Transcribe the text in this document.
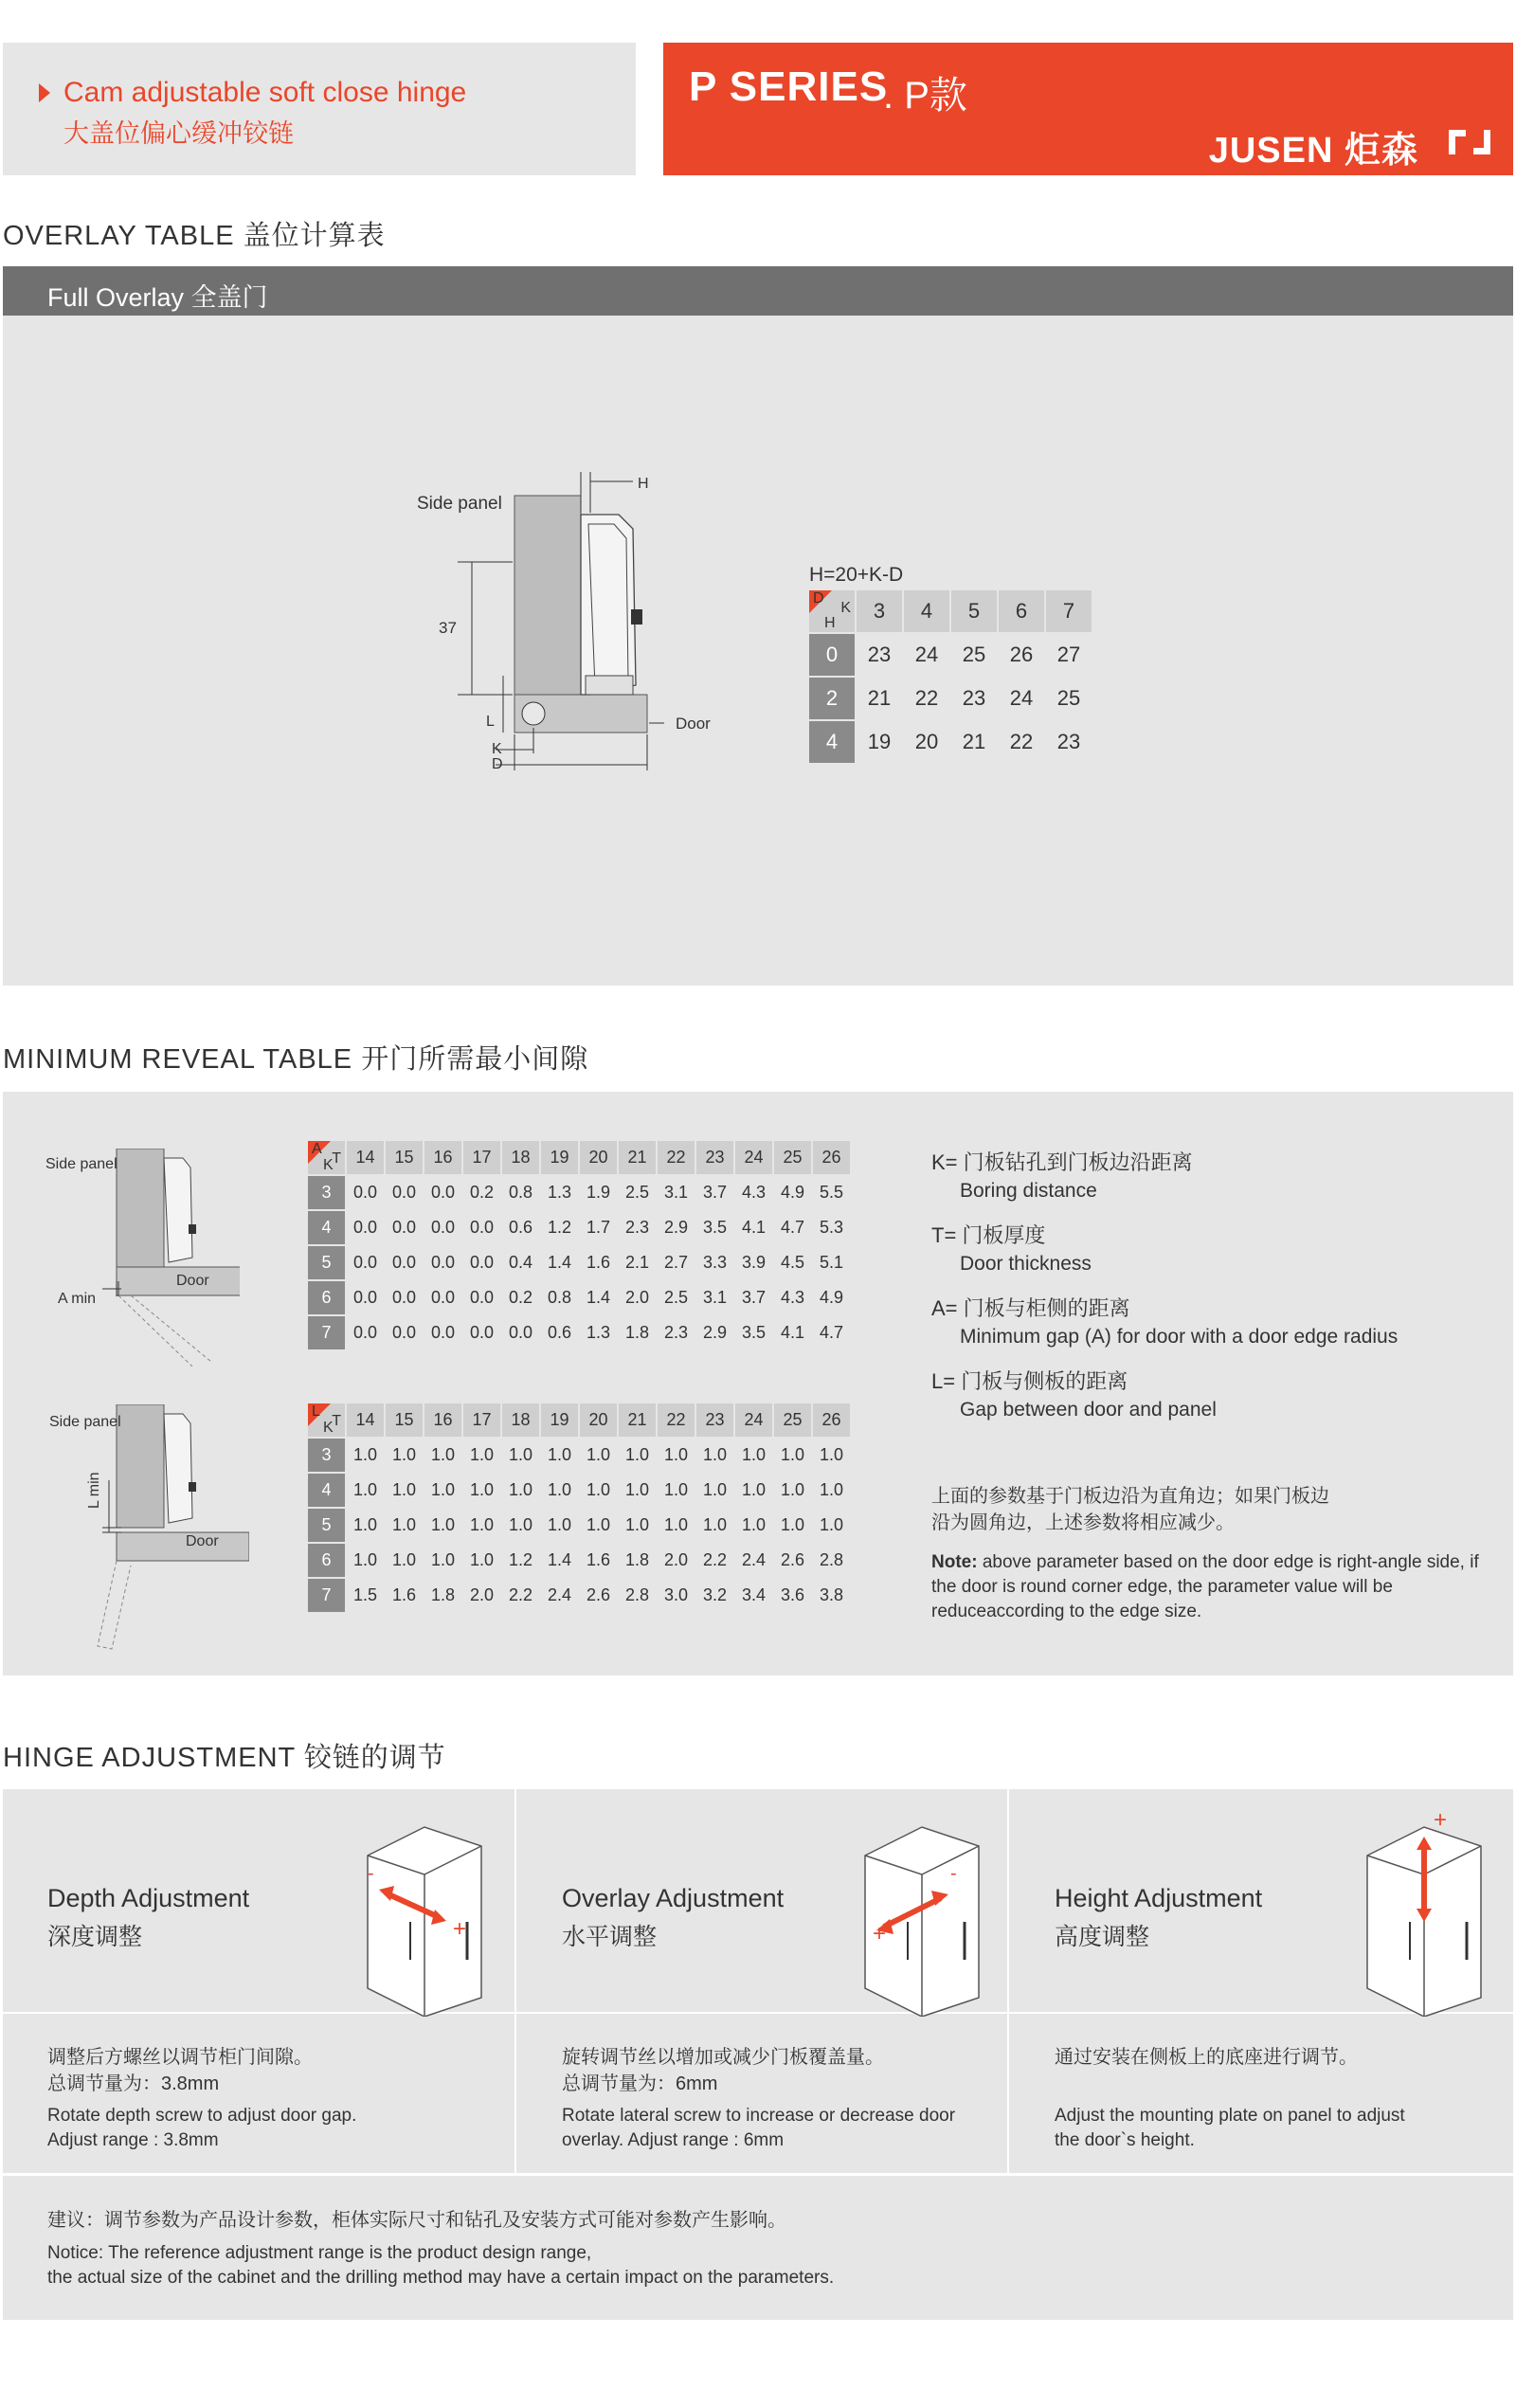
Cam adjustable soft close hinge
大盖位偏心缓冲铰链
P SERIES
. P款
JUSEN 炬森
OVERLAY TABLE 盖位计算表
Full Overlay 全盖门
H
37
L
K
D
Door
Side panel
H=20+K-D
D
K
H	3	4	5	6	7
0	23	24	25	26	27
2	21	22	23	24	25
4	19	20	21	22	23
MINIMUM REVEAL TABLE 开门所需最小间隙
Side panel
Door
A min
Side panel
Door
L min
A
T
K	14	15	16	17	18	19	20	21	22	23	24	25	26
3	0.0	0.0	0.0	0.2	0.8	1.3	1.9	2.5	3.1	3.7	4.3	4.9	5.5
4	0.0	0.0	0.0	0.0	0.6	1.2	1.7	2.3	2.9	3.5	4.1	4.7	5.3
5	0.0	0.0	0.0	0.0	0.4	1.4	1.6	2.1	2.7	3.3	3.9	4.5	5.1
6	0.0	0.0	0.0	0.0	0.2	0.8	1.4	2.0	2.5	3.1	3.7	4.3	4.9
7	0.0	0.0	0.0	0.0	0.0	0.6	1.3	1.8	2.3	2.9	3.5	4.1	4.7
L
T
K	14	15	16	17	18	19	20	21	22	23	24	25	26
3	1.0	1.0	1.0	1.0	1.0	1.0	1.0	1.0	1.0	1.0	1.0	1.0	1.0
4	1.0	1.0	1.0	1.0	1.0	1.0	1.0	1.0	1.0	1.0	1.0	1.0	1.0
5	1.0	1.0	1.0	1.0	1.0	1.0	1.0	1.0	1.0	1.0	1.0	1.0	1.0
6	1.0	1.0	1.0	1.0	1.2	1.4	1.6	1.8	2.0	2.2	2.4	2.6	2.8
7	1.5	1.6	1.8	2.0	2.2	2.4	2.6	2.8	3.0	3.2	3.4	3.6	3.8
K= 门板钻孔到门板边沿距离
Boring distance
T= 门板厚度
Door thickness
A= 门板与柜侧的距离
Minimum gap (A) for door with a door edge radius
L= 门板与侧板的距离
Gap between door and panel
上面的参数基于门板边沿为直角边；如果门板边
沿为圆角边，上述参数将相应减少。
Note: above parameter based on the door edge is right-angle side, if the door is round corner edge, the parameter value will be reduceaccording to the edge size.
HINGE ADJUSTMENT 铰链的调节
Depth Adjustment
深度调整
调整后方螺丝以调节柜门间隙。
总调节量为：3.8mm
Rotate depth screw to adjust door gap.
Adjust range : 3.8mm
-
+
Overlay Adjustment
水平调整
旋转调节丝以增加或减少门板覆盖量。
总调节量为：6mm
Rotate lateral screw to increase or decrease door
overlay. Adjust range : 6mm
-
+
Height Adjustment
高度调整
通过安装在侧板上的底座进行调节。
Adjust the mounting plate on panel to adjust
the door`s height.
+
建议：调节参数为产品设计参数，柜体实际尺寸和钻孔及安装方式可能对参数产生影响。
Notice: The reference adjustment range is the product design range,
the actual size of the cabinet and the drilling method may have a certain impact on the parameters.
